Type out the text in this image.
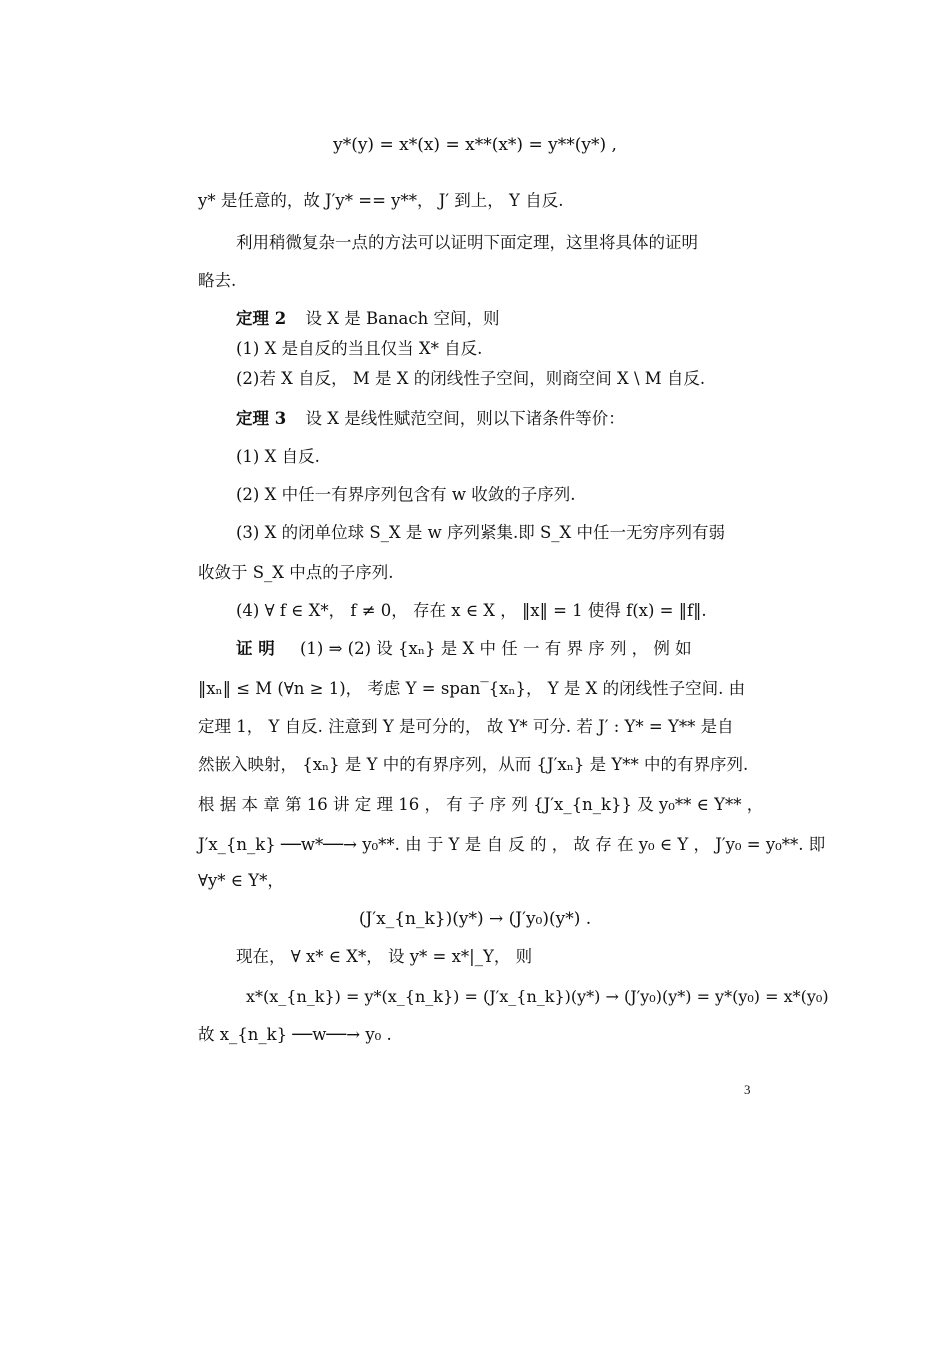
y*(y) = x*(x) = x**(x*) = y**(y*) ,
y* 是任意的，故 J′y* == y**， J′ 到上， Y 自反.
利用稍微复杂一点的方法可以证明下面定理，这里将具体的证明
略去.
定理 2 设 X 是 Banach 空间，则
(1) X 是自反的当且仅当 X* 自反.
(2)若 X 自反， M 是 X 的闭线性子空间，则商空间 X \ M 自反.
定理 3 设 X 是线性赋范空间，则以下诸条件等价：
(1) X 自反.
(2) X 中任一有界序列包含有 w 收敛的子序列.
(3) X 的闭单位球 S_X 是 w 序列紧集.即 S_X 中任一无穷序列有弱
收敛于 S_X 中点的子序列.
(4) ∀ f ∈ X*， f ≠ 0， 存在 x ∈ X ， ‖x‖ = 1 使得 f(x) = ‖f‖.
证 明 (1) ⇒ (2) 设 {xₙ} 是 X 中 任 一 有 界 序 列 ， 例 如
‖xₙ‖ ≤ M (∀n ≥ 1)， 考虑 Y = span‾{xₙ}， Y 是 X 的闭线性子空间. 由
定理 1， Y 自反. 注意到 Y 是可分的， 故 Y* 可分. 若 J′ : Y* = Y** 是自
然嵌入映射， {xₙ} 是 Y 中的有界序列，从而 {J′xₙ} 是 Y** 中的有界序列.
根 据 本 章 第 16 讲 定 理 16 ， 有 子 序 列 {J′x_{n_k}} 及 y₀** ∈ Y** ，
J′x_{n_k} ──w*──→ y₀**. 由 于 Y 是 自 反 的 ， 故 存 在 y₀ ∈ Y ， J′y₀ = y₀**. 即
∀y* ∈ Y*，
(J′x_{n_k})(y*) → (J′y₀)(y*) .
现在， ∀ x* ∈ X*， 设 y* = x*|_Y， 则
x*(x_{n_k}) = y*(x_{n_k}) = (J′x_{n_k})(y*) → (J′y₀)(y*) = y*(y₀) = x*(y₀)
故 x_{n_k} ──w──→ y₀ .
3
